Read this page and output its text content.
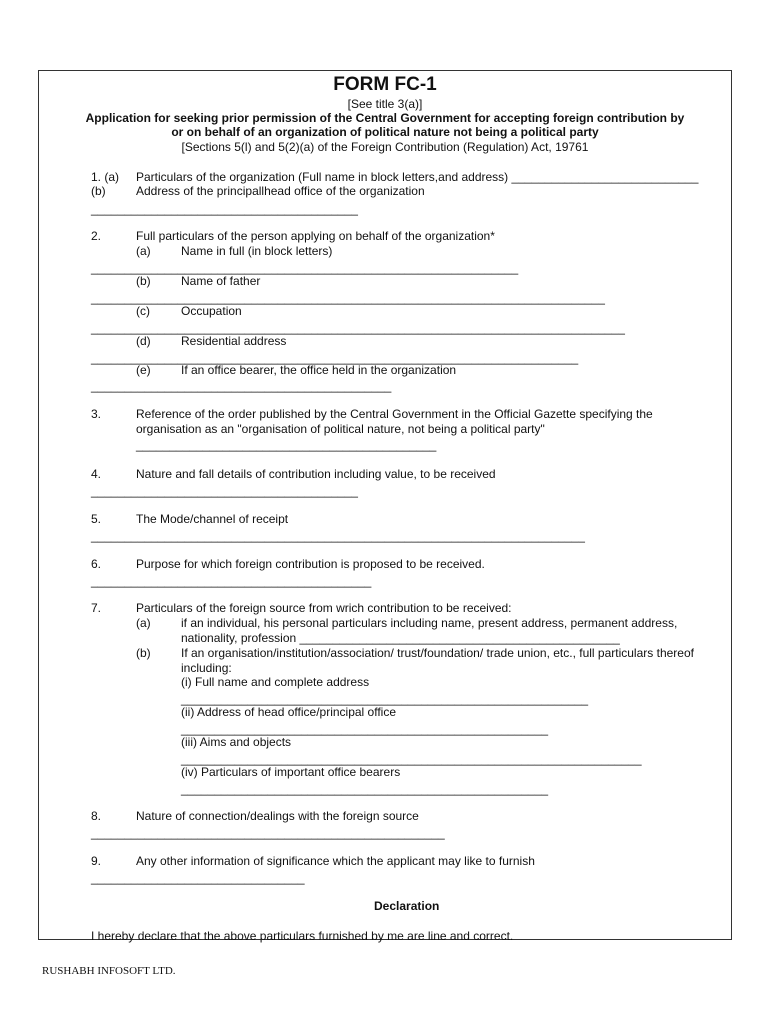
FORM FC-1
[See title 3(a)]
Application for seeking prior permission of the Central Government for accepting foreign contribution by
or on behalf of an organization of political nature not being a political party
[Sections 5(l) and 5(2)(a) of the Foreign Contribution (Regulation) Act, 19761
1. (a) Particulars of the organization (Full name in block letters,and address) ____________________________
(b)	Address of the principallhead office of the organization
________________________________________
2.	Full particulars of the person applying on behalf of the organization*
(a)	Name in full (in block letters)
________________________________________________________________
(b)	Name of father
_____________________________________________________________________________
(c)	Occupation
________________________________________________________________________________
(d)	Residential address
_________________________________________________________________________
(e)	If an office bearer, the office held in the organization
_____________________________________________
3.	Reference of the order published by the Central Government in the Official Gazette specifying the
organisation as an "organisation of political nature, not being a political party"
_____________________________________________
4.	Nature and fall details of contribution including value, to be received
________________________________________
5.	The Mode/channel of receipt
__________________________________________________________________________
6.	Purpose for which foreign contribution is proposed to be received.
__________________________________________
7.	Particulars of the foreign source from wrich contribution to be received:
(a)	if an individual, his personal particulars including name, present address, permanent address,
nationality, profession ________________________________________________
(b)	If an organisation/institution/association/ trust/foundation/ trade union, etc., full particulars thereof
including:
(i) Full name and complete address
_____________________________________________________________
(ii) Address of head office/principal office
_______________________________________________________
(iii) Aims and objects
_____________________________________________________________________
(iv) Particulars of important office bearers
_______________________________________________________
8.	Nature of connection/dealings with the foreign source
_____________________________________________________
9.	Any other information of significance which the applicant may like to furnish
________________________________
Declaration
I hereby declare that the above particulars furnished by me are line and correct.
RUSHABH INFOSOFT LTD.
